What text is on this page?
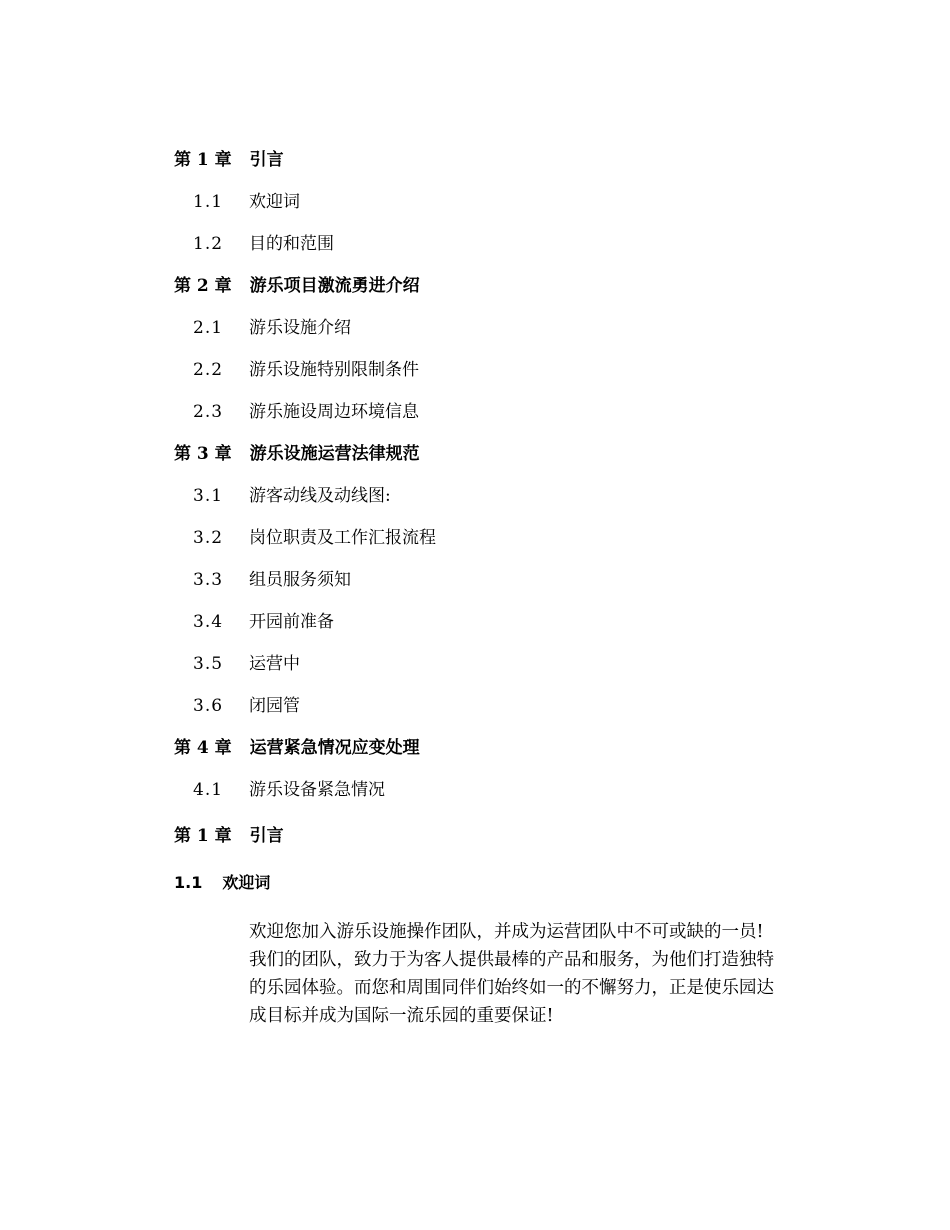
第 1 章 引言
1.1 欢迎词
1.2 目的和范围
第 2 章 游乐项目激流勇进介绍
2.1 游乐设施介绍
2.2 游乐设施特别限制条件
2.3 游乐施设周边环境信息
第 3 章 游乐设施运营法律规范
3.1 游客动线及动线图:
3.2 岗位职责及工作汇报流程
3.3 组员服务须知
3.4 开园前准备
3.5 运营中
3.6 闭园管
第 4 章 运营紧急情况应变处理
4.1 游乐设备紧急情况
第 1 章 引言
1.1 欢迎词
欢迎您加入游乐设施操作团队，并成为运营团队中不可或缺的一员!
我们的团队，致力于为客人提供最棒的产品和服务，为他们打造独特
的乐园体验。而您和周围同伴们始终如一的不懈努力，正是使乐园达
成目标并成为国际一流乐园的重要保证!
